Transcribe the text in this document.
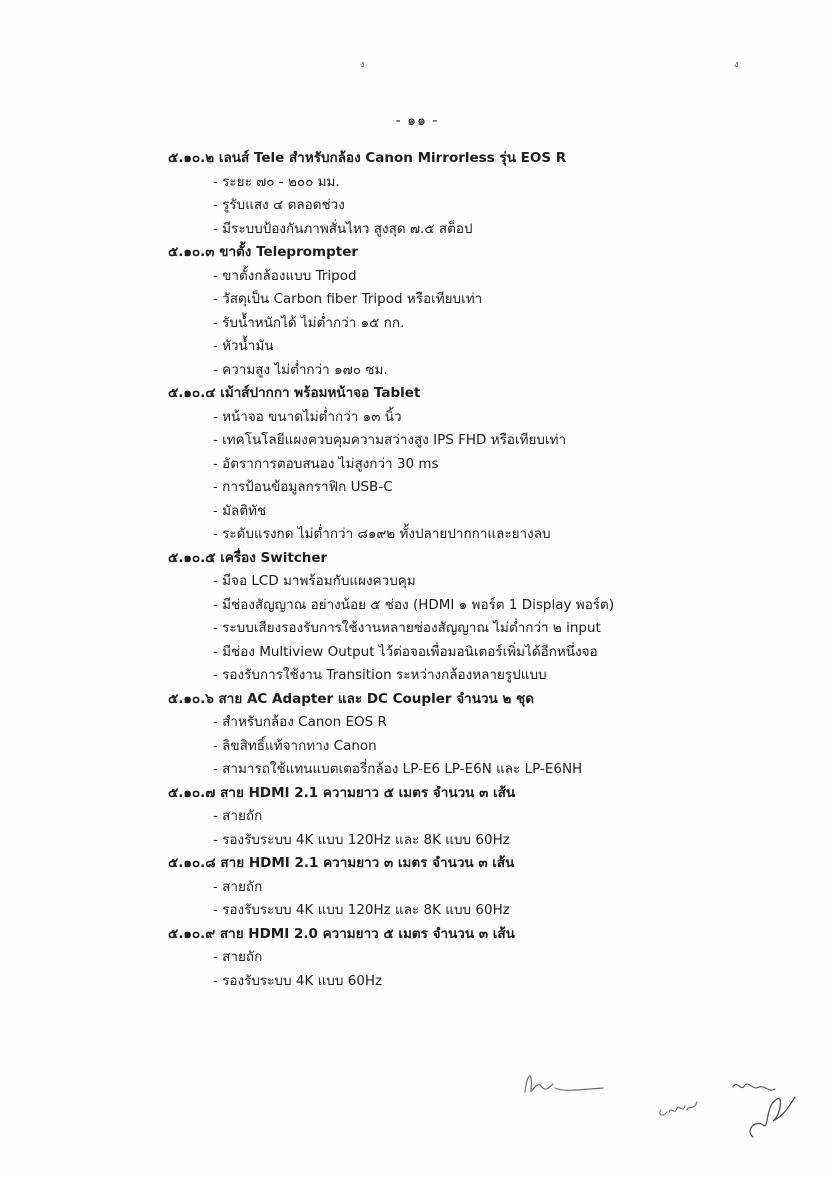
ง	ง
- ๑๑ -
๕.๑๐.๒ เลนส์ Tele สำหรับกล้อง Canon Mirrorless รุ่น EOS R
- ระยะ ๗๐ - ๒๐๐ มม.
- รูรับแสง ๔ ตลอดช่วง
- มีระบบป้องกันภาพสั่นไหว สูงสุด ๗.๕ สต็อป
๕.๑๐.๓ ขาตั้ง Teleprompter
- ขาตั้งกล้องแบบ Tripod
- วัสดุเป็น Carbon fiber Tripod หรือเทียบเท่า
- รับน้ำหนักได้ ไม่ต่ำกว่า ๑๕ กก.
- หัวน้ำมัน
- ความสูง ไม่ต่ำกว่า ๑๗๐ ซม.
๕.๑๐.๔ เม้าส์ปากกา พร้อมหน้าจอ Tablet
- หน้าจอ ขนาดไม่ต่ำกว่า ๑๓ นิ้ว
- เทคโนโลยีแผงควบคุมความสว่างสูง IPS FHD หรือเทียบเท่า
- อัตราการตอบสนอง ไม่สูงกว่า 30 ms
- การป้อนข้อมูลกราฟิก USB-C
- มัลติทัช
- ระดับแรงกด ไม่ต่ำกว่า ๘๑๙๒ ทั้งปลายปากกาและยางลบ
๕.๑๐.๕ เครื่อง Switcher
- มีจอ LCD มาพร้อมกับแผงควบคุม
- มีช่องสัญญาณ อย่างน้อย ๕ ช่อง (HDMI ๑ พอร์ต 1 Display พอร์ต)
- ระบบเสียงรองรับการใช้งานหลายช่องสัญญาณ ไม่ต่ำกว่า ๒ input
- มีช่อง Multiview Output ไว้ต่อจอเพื่อมอนิเตอร์เพิ่มได้อีกหนึ่งจอ
- รองรับการใช้งาน Transition ระหว่างกล้องหลายรูปแบบ
๕.๑๐.๖ สาย AC Adapter และ DC Coupler จำนวน ๒ ชุด
- สำหรับกล้อง Canon EOS R
- ลิขสิทธิ์แท้จากทาง Canon
- สามารถใช้แทนแบตเตอรี่กล้อง LP-E6 LP-E6N และ LP-E6NH
๕.๑๐.๗ สาย HDMI 2.1 ความยาว ๕ เมตร จำนวน ๓ เส้น
- สายถัก
- รองรับระบบ 4K แบบ 120Hz และ 8K แบบ 60Hz
๕.๑๐.๘ สาย HDMI 2.1 ความยาว ๓ เมตร จำนวน ๓ เส้น
- สายถัก
- รองรับระบบ 4K แบบ 120Hz และ 8K แบบ 60Hz
๕.๑๐.๙ สาย HDMI 2.0 ความยาว ๕ เมตร จำนวน ๓ เส้น
- สายถัก
- รองรับระบบ 4K แบบ 60Hz
